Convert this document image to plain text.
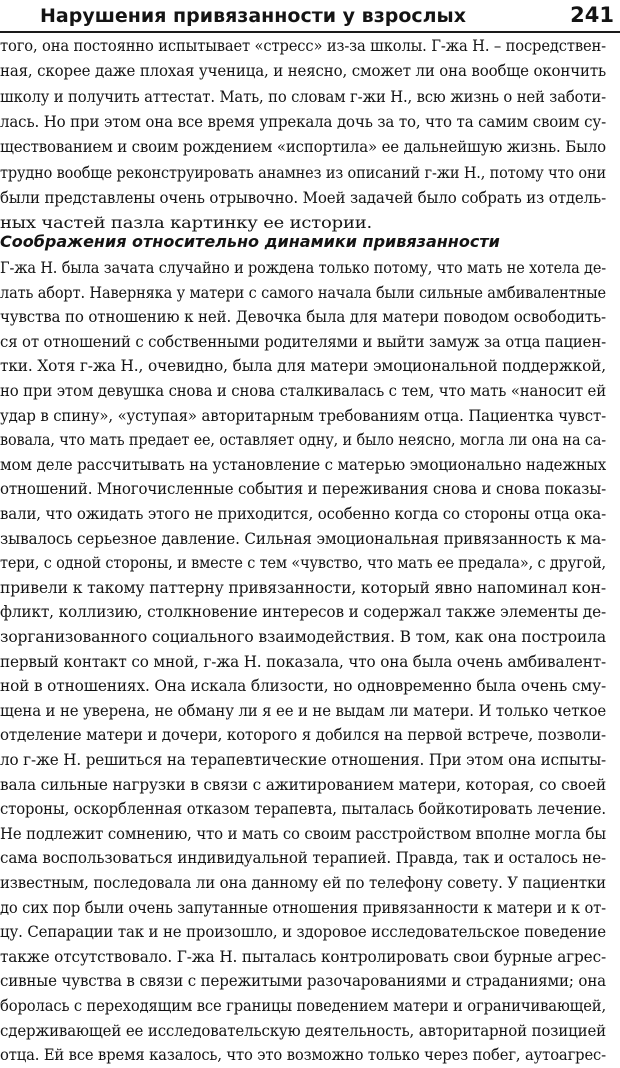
Нарушения привязанности у взрослых	241
того, она постоянно испытывает «стресс» из-за школы. Г-жа Н. – посредствен-
ная, скорее даже плохая ученица, и неясно, сможет ли она вообще окончить
школу и получить аттестат. Мать, по словам г-жи Н., всю жизнь о ней заботи-
лась. Но при этом она все время упрекала дочь за то, что та самим своим су-
ществованием и своим рождением «испортила» ее дальнейшую жизнь. Было
трудно вообще реконструировать анамнез из описаний г-жи Н., потому что они
были представлены очень отрывочно. Моей задачей было собрать из отдель-
ных частей пазла картинку ее истории.
Соображения относительно динамики привязанности
Г-жа Н. была зачата случайно и рождена только потому, что мать не хотела де-
лать аборт. Наверняка у матери с самого начала были сильные амбивалентные
чувства по отношению к ней. Девочка была для матери поводом освободить-
ся от отношений с собственными родителями и выйти замуж за отца пациен-
тки. Хотя г-жа Н., очевидно, была для матери эмоциональной поддержкой,
но при этом девушка снова и снова сталкивалась с тем, что мать «наносит ей
удар в спину», «уступая» авторитарным требованиям отца. Пациентка чувст-
вовала, что мать предает ее, оставляет одну, и было неясно, могла ли она на са-
мом деле рассчитывать на установление с матерью эмоционально надежных
отношений. Многочисленные события и переживания снова и снова показы-
вали, что ожидать этого не приходится, особенно когда со стороны отца ока-
зывалось серьезное давление. Сильная эмоциональная привязанность к ма-
тери, с одной стороны, и вместе с тем «чувство, что мать ее предала», с другой,
привели к такому паттерну привязанности, который явно напоминал кон-
фликт, коллизию, столкновение интересов и содержал также элементы де-
зорганизованного социального взаимодействия. В том, как она построила
первый контакт со мной, г-жа Н. показала, что она была очень амбивалент-
ной в отношениях. Она искала близости, но одновременно была очень сму-
щена и не уверена, не обману ли я ее и не выдам ли матери. И только четкое
отделение матери и дочери, которого я добился на первой встрече, позволи-
ло г-же Н. решиться на терапевтические отношения. При этом она испыты-
вала сильные нагрузки в связи с ажитированием матери, которая, со своей
стороны, оскорбленная отказом терапевта, пыталась бойкотировать лечение.
Не подлежит сомнению, что и мать со своим расстройством вполне могла бы
сама воспользоваться индивидуальной терапией. Правда, так и осталось не-
известным, последовала ли она данному ей по телефону совету. У пациентки
до сих пор были очень запутанные отношения привязанности к матери и к от-
цу. Сепарации так и не произошло, и здоровое исследовательское поведение
также отсутствовало. Г-жа Н. пыталась контролировать свои бурные агрес-
сивные чувства в связи с пережитыми разочарованиями и страданиями; она
боролась с переходящим все границы поведением матери и ограничивающей,
сдерживающей ее исследовательскую деятельность, авторитарной позицией
отца. Ей все время казалось, что это возможно только через побег, аутоагрес-
